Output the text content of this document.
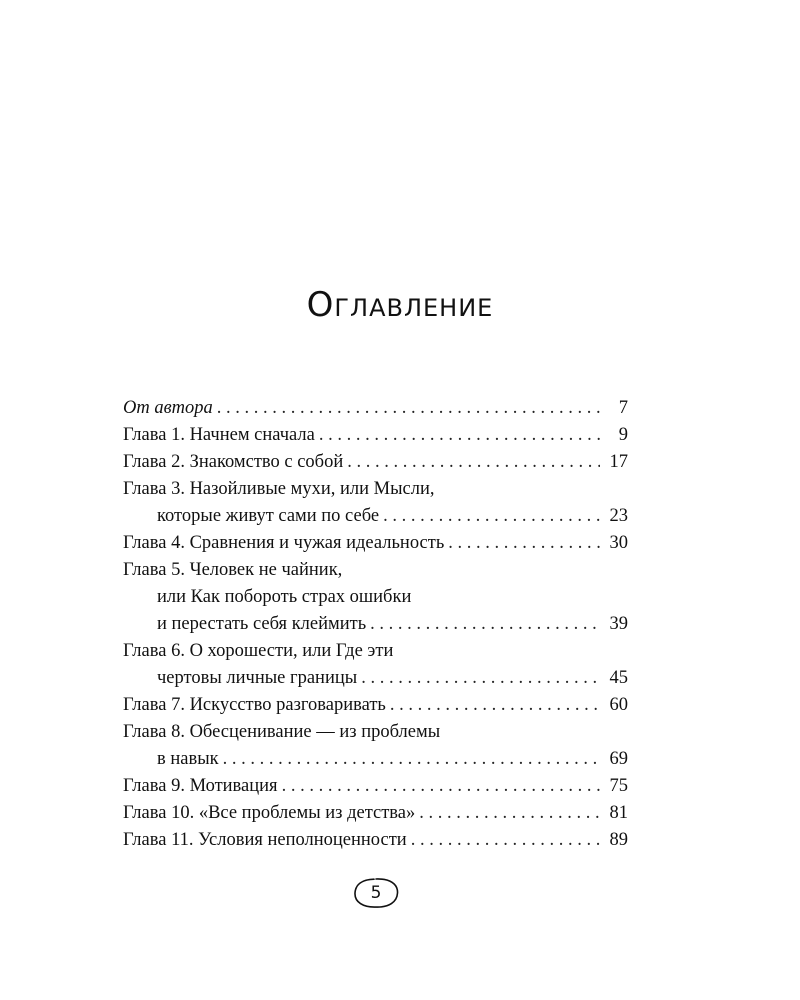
Оглавление
От автора . . .	7
Глава 1. Начнем сначала . . .	9
Глава 2. Знакомство с собой . . .	17
Глава 3. Назойливые мухи, или Мысли,
которые живут сами по себе . . .	23
Глава 4. Сравнения и чужая идеальность . . .	30
Глава 5. Человек не чайник,
или Как побороть страх ошибки
и перестать себя клеймить . . .	39
Глава 6. О хорошести, или Где эти
чертовы личные границы . . .	45
Глава 7. Искусство разговаривать . . .	60
Глава 8. Обесценивание — из проблемы
в навык . . .	69
Глава 9. Мотивация . . .	75
Глава 10. «Все проблемы из детства» . . .	81
Глава 11. Условия неполноценности . . .	89
5
